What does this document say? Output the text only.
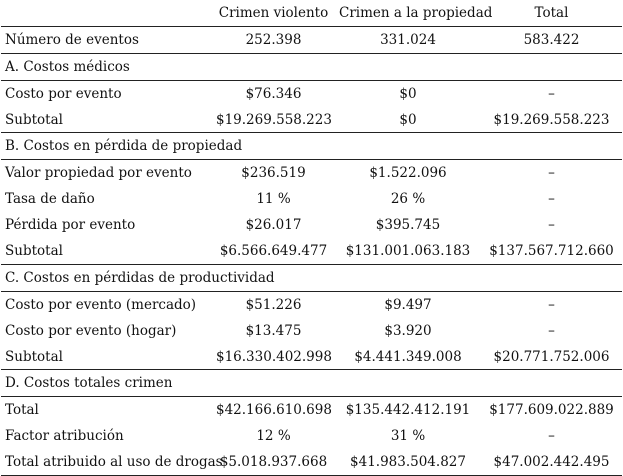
	Crimen violento	Crimen a la propiedad	Total
Número de eventos	252.398	331.024	583.422
A. Costos médicos			
Costo por evento	$76.346	$0	–
Subtotal	$19.269.558.223	$0	$19.269.558.223
B. Costos en pérdida de propiedad			
Valor propiedad por evento	$236.519	$1.522.096	–
Tasa de daño	11 %	26 %	–
Pérdida por evento	$26.017	$395.745	–
Subtotal	$6.566.649.477	$131.001.063.183	$137.567.712.660
C. Costos en pérdidas de productividad			
Costo por evento (mercado)	$51.226	$9.497	–
Costo por evento (hogar)	$13.475	$3.920	–
Subtotal	$16.330.402.998	$4.441.349.008	$20.771.752.006
D. Costos totales crimen			
Total	$42.166.610.698	$135.442.412.191	$177.609.022.889
Factor atribución	12 %	31 %	–
Total atribuido al uso de drogas	$5.018.937.668	$41.983.504.827	$47.002.442.495
